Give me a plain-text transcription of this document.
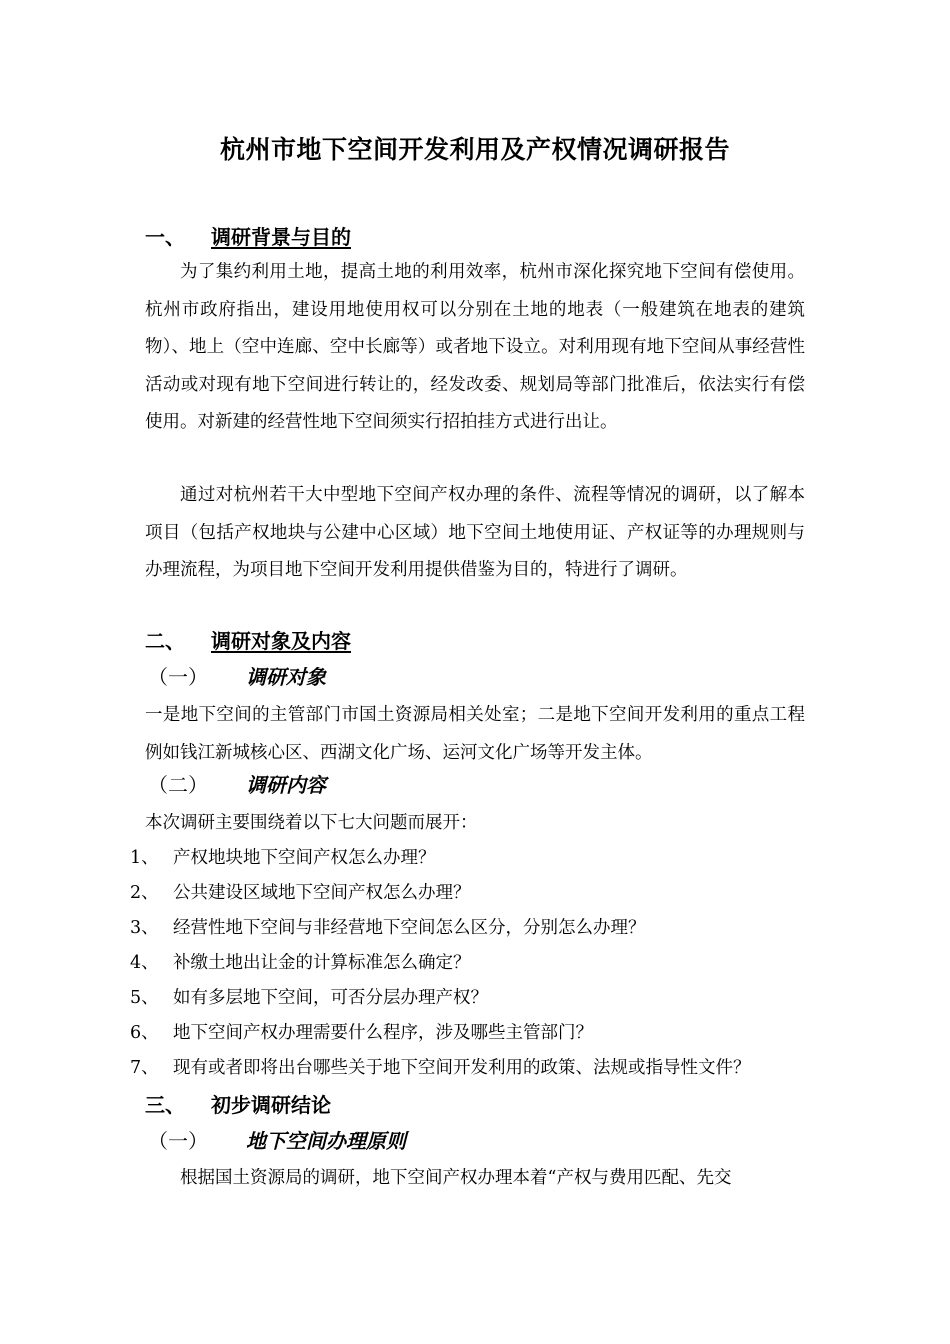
杭州市地下空间开发利用及产权情况调研报告
一、 调研背景与目的
为了集约利用土地，提高土地的利用效率，杭州市深化探究地下空间有偿使用。杭州市政府指出，建设用地使用权可以分别在土地的地表（一般建筑在地表的建筑物）、地上（空中连廊、空中长廊等）或者地下设立。对利用现有地下空间从事经营性活动或对现有地下空间进行转让的，经发改委、规划局等部门批准后，依法实行有偿使用。对新建的经营性地下空间须实行招拍挂方式进行出让。
通过对杭州若干大中型地下空间产权办理的条件、流程等情况的调研，以了解本项目（包括产权地块与公建中心区域）地下空间土地使用证、产权证等的办理规则与办理流程，为项目地下空间开发利用提供借鉴为目的，特进行了调研。
二、 调研对象及内容
（一） 调研对象
一是地下空间的主管部门市国土资源局相关处室；二是地下空间开发利用的重点工程例如钱江新城核心区、西湖文化广场、运河文化广场等开发主体。
（二） 调研内容
本次调研主要围绕着以下七大问题而展开：
1、 产权地块地下空间产权怎么办理？
2、 公共建设区域地下空间产权怎么办理？
3、 经营性地下空间与非经营地下空间怎么区分，分别怎么办理？
4、 补缴土地出让金的计算标准怎么确定？
5、 如有多层地下空间，可否分层办理产权？
6、 地下空间产权办理需要什么程序，涉及哪些主管部门？
7、 现有或者即将出台哪些关于地下空间开发利用的政策、法规或指导性文件？
三、 初步调研结论
（一） 地下空间办理原则
根据国土资源局的调研，地下空间产权办理本着“产权与费用匹配、先交
